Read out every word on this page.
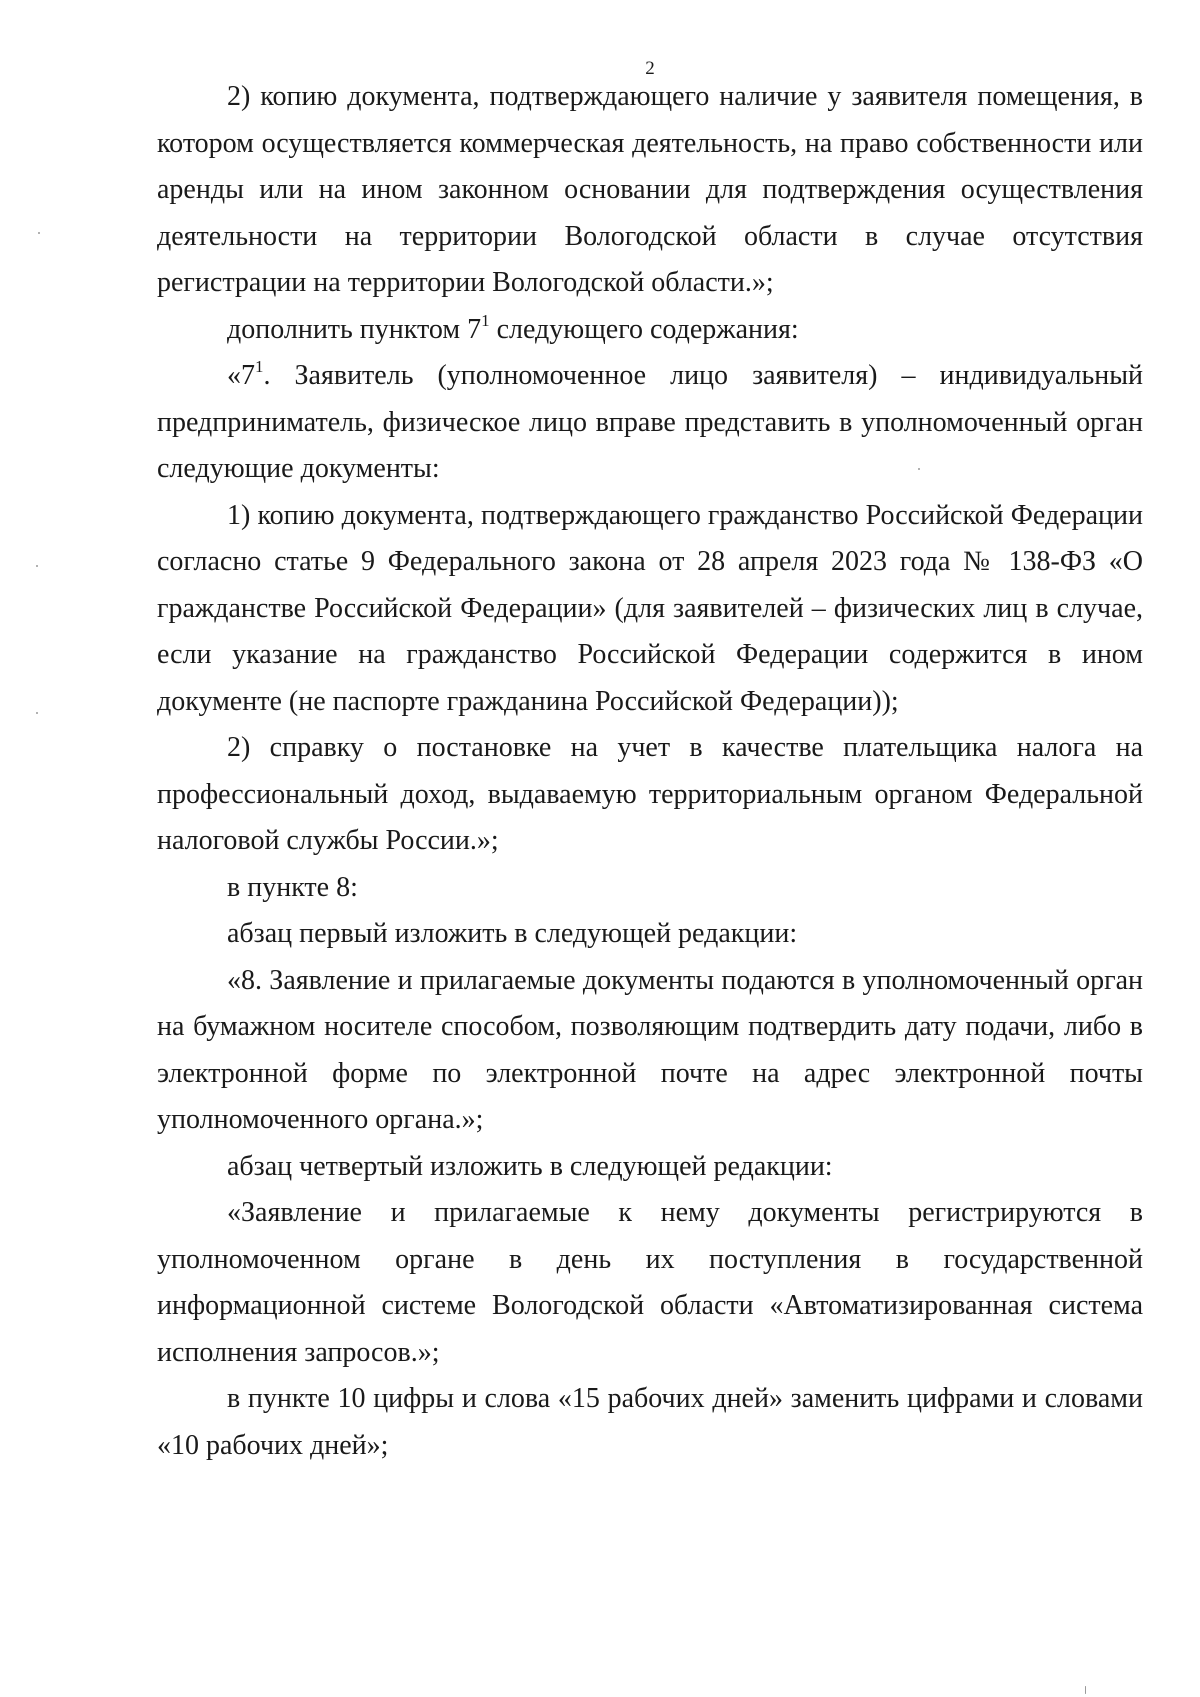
2

2) копию документа, подтверждающего наличие у заявителя помещения, в котором осуществляется коммерческая деятельность, на право собственности или аренды или на ином законном основании для подтверждения осуществления деятельности на территории Вологодской области в случае отсутствия регистрации на территории Вологодской области.»;

дополнить пунктом $7^1$ следующего содержания:

«$7^1$. Заявитель (уполномоченное лицо заявителя) – индивидуальный предприниматель, физическое лицо вправе представить в уполномоченный орган следующие документы:

1) копию документа, подтверждающего гражданство Российской Федерации согласно статье 9 Федерального закона от 28 апреля 2023 года № 138-ФЗ «О гражданстве Российской Федерации» (для заявителей – физических лиц в случае, если указание на гражданство Российской Федерации содержится в ином документе (не паспорте гражданина Российской Федерации));

2) справку о постановке на учет в качестве плательщика налога на профессиональный доход, выдаваемую территориальным органом Федеральной налоговой службы России.»;

в пункте 8:

абзац первый изложить в следующей редакции:

«8. Заявление и прилагаемые документы подаются в уполномоченный орган на бумажном носителе способом, позволяющим подтвердить дату подачи, либо в электронной форме по электронной почте на адрес электронной почты уполномоченного органа.»;

абзац четвертый изложить в следующей редакции:

«Заявление и прилагаемые к нему документы регистрируются в уполномоченном органе в день их поступления в государственной информационной системе Вологодской области «Автоматизированная система исполнения запросов.»;

в пункте 10 цифры и слова «15 рабочих дней» заменить цифрами и словами «10 рабочих дней»;
